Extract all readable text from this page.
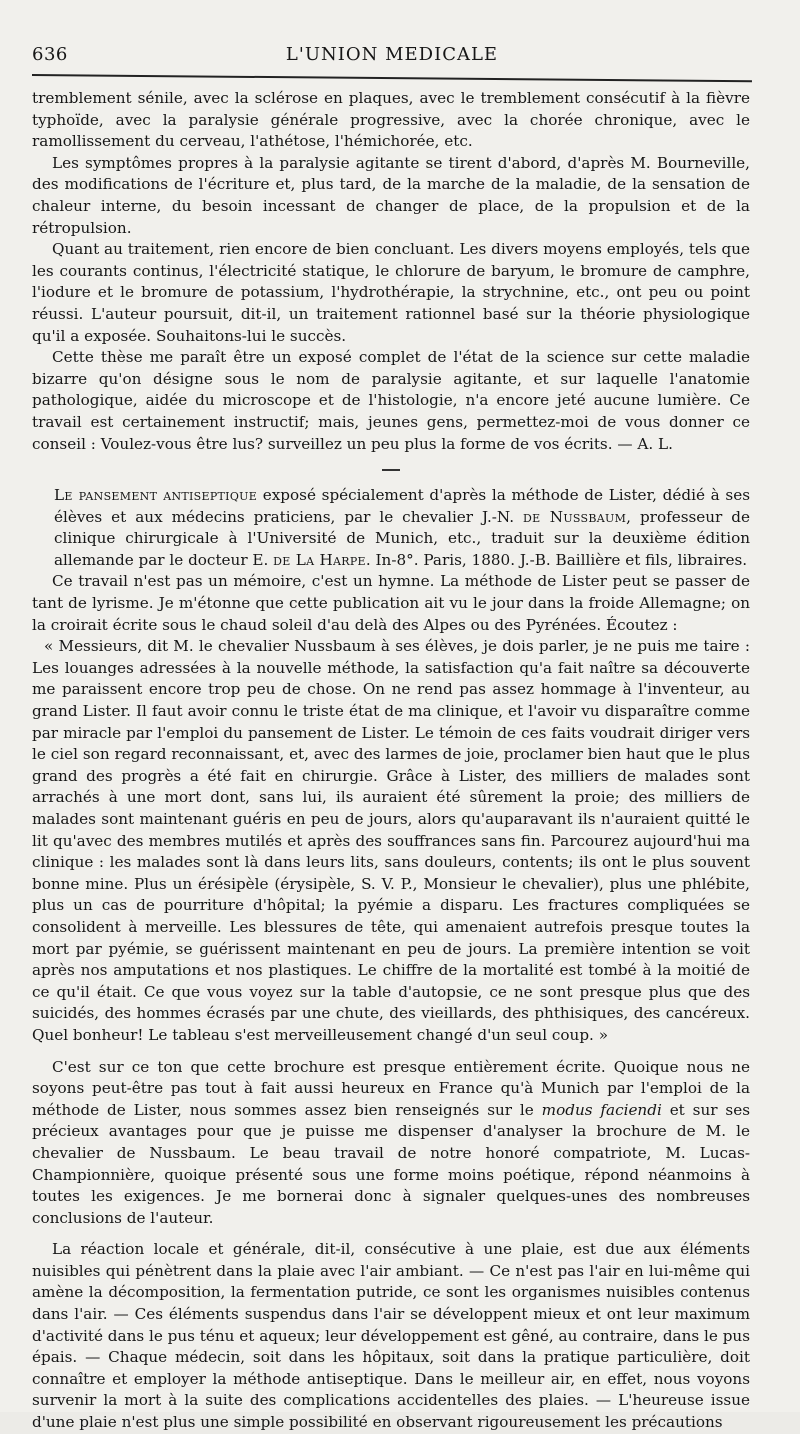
636	L'UNION MEDICALE

tremblement sénile, avec la sclérose en plaques, avec le tremblement consécutif à la fièvre typhoïde, avec la paralysie générale progressive, avec la chorée chronique, avec le ramollissement du cerveau, l'athétose, l'hémichorée, etc.

Les symptômes propres à la paralysie agitante se tirent d'abord, d'après M. Bourneville, des modifications de l'écriture et, plus tard, de la marche de la maladie, de la sensation de chaleur interne, du besoin incessant de changer de place, de la propulsion et de la rétropulsion.

Quant au traitement, rien encore de bien concluant. Les divers moyens employés, tels que les courants continus, l'électricité statique, le chlorure de baryum, le bromure de camphre, l'iodure et le bromure de potassium, l'hydrothérapie, la strychnine, etc., ont peu ou point réussi. L'auteur poursuit, dit-il, un traitement rationnel basé sur la théorie physiologique qu'il a exposée. Souhaitons-lui le succès.

Cette thèse me paraît être un exposé complet de l'état de la science sur cette maladie bizarre qu'on désigne sous le nom de paralysie agitante, et sur laquelle l'anatomie pathologique, aidée du microscope et de l'histologie, n'a encore jeté aucune lumière. Ce travail est certainement instructif; mais, jeunes gens, permettez-moi de vous donner ce conseil : Voulez-vous être lus? surveillez un peu plus la forme de vos écrits. — A. L.

Le pansement antiseptique exposé spécialement d'après la méthode de Lister, dédié à ses élèves et aux médecins praticiens, par le chevalier J.-N. de Nussbaum, professeur de clinique chirurgicale à l'Université de Munich, etc., traduit sur la deuxième édition allemande par le docteur E. de La Harpe. In-8°. Paris, 1880. J.-B. Baillière et fils, libraires.

Ce travail n'est pas un mémoire, c'est un hymne. La méthode de Lister peut se passer de tant de lyrisme. Je m'étonne que cette publication ait vu le jour dans la froide Allemagne; on la croirait écrite sous le chaud soleil d'au delà des Alpes ou des Pyrénées. Écoutez :

« Messieurs, dit M. le chevalier Nussbaum à ses élèves, je dois parler, je ne puis me taire : Les louanges adressées à la nouvelle méthode, la satisfaction qu'a fait naître sa découverte me paraissent encore trop peu de chose. On ne rend pas assez hommage à l'inventeur, au grand Lister. Il faut avoir connu le triste état de ma clinique, et l'avoir vu disparaître comme par miracle par l'emploi du pansement de Lister. Le témoin de ces faits voudrait diriger vers le ciel son regard reconnaissant, et, avec des larmes de joie, proclamer bien haut que le plus grand des progrès a été fait en chirurgie. Grâce à Lister, des milliers de malades sont arrachés à une mort dont, sans lui, ils auraient été sûrement la proie; des milliers de malades sont maintenant guéris en peu de jours, alors qu'auparavant ils n'auraient quitté le lit qu'avec des membres mutilés et après des souffrances sans fin. Parcourez aujourd'hui ma clinique : les malades sont là dans leurs lits, sans douleurs, contents; ils ont le plus souvent bonne mine. Plus un érésipèle (érysipèle, S. V. P., Monsieur le chevalier), plus une phlébite, plus un cas de pourriture d'hôpital; la pyémie a disparu. Les fractures compliquées se consolident à merveille. Les blessures de tête, qui amenaient autrefois presque toutes la mort par pyémie, se guérissent maintenant en peu de jours. La première intention se voit après nos amputations et nos plastiques. Le chiffre de la mortalité est tombé à la moitié de ce qu'il était. Ce que vous voyez sur la table d'autopsie, ce ne sont presque plus que des suicidés, des hommes écrasés par une chute, des vieillards, des phthisiques, des cancéreux. Quel bonheur! Le tableau s'est merveilleusement changé d'un seul coup. »

C'est sur ce ton que cette brochure est presque entièrement écrite. Quoique nous ne soyons peut-être pas tout à fait aussi heureux en France qu'à Munich par l'emploi de la méthode de Lister, nous sommes assez bien renseignés sur le modus faciendi et sur ses précieux avantages pour que je puisse me dispenser d'analyser la brochure de M. le chevalier de Nussbaum. Le beau travail de notre honoré compatriote, M. Lucas-Championnière, quoique présenté sous une forme moins poétique, répond néanmoins à toutes les exigences. Je me bornerai donc à signaler quelques-unes des nombreuses conclusions de l'auteur.

La réaction locale et générale, dit-il, consécutive à une plaie, est due aux éléments nuisibles qui pénètrent dans la plaie avec l'air ambiant. — Ce n'est pas l'air en lui-même qui amène la décomposition, la fermentation putride, ce sont les organismes nuisibles contenus dans l'air. — Ces éléments suspendus dans l'air se développent mieux et ont leur maximum d'activité dans le pus ténu et aqueux; leur développement est gêné, au contraire, dans le pus épais. — Chaque médecin, soit dans les hôpitaux, soit dans la pratique particulière, doit connaître et employer la méthode antiseptique. Dans le meilleur air, en effet, nous voyons survenir la mort à la suite des complications accidentelles des plaies. — L'heureuse issue d'une plaie n'est plus une simple possibilité en observant rigoureusement les précautions
